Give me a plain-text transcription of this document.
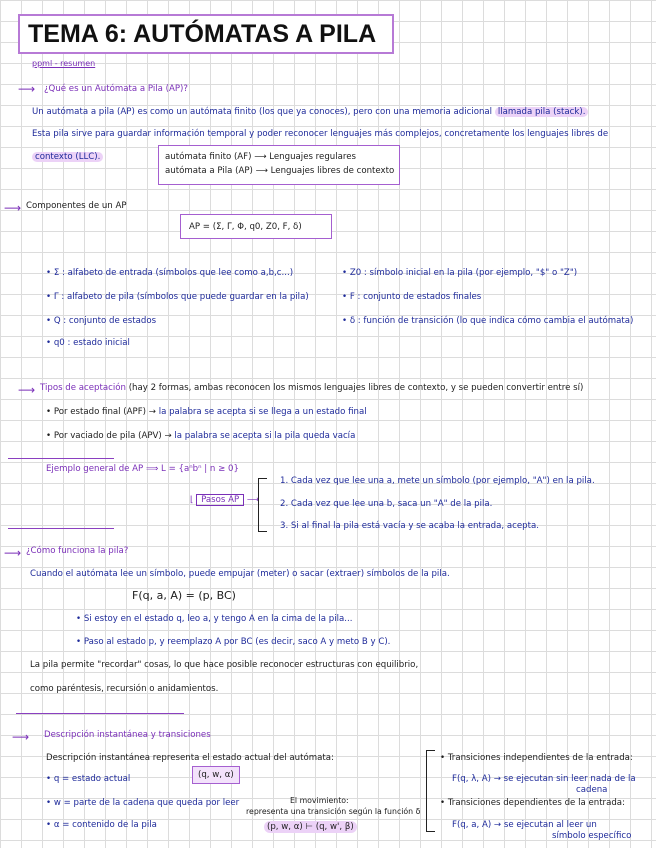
TEMA 6: AUTÓMATAS A PILA
ppml - resumen
⟶ ¿Qué es un Autómata a Pila (AP)?
Un autómata a pila (AP) es como un autómata finito (los que ya conoces), pero con una memoria adicional llamada pila (stack).
Esta pila sirve para guardar información temporal y poder reconocer lenguajes más complejos, concretamente los lenguajes libres de
contexto (LLC).	autómata finito (AF) ⟶ Lenguajes regulares
autómata a Pila (AP) ⟶ Lenguajes libres de contexto
⟶ Componentes de un AP
AP = (Σ, Γ, Φ, q0, Z0, F, δ)
• Σ : alfabeto de entrada (símbolos que lee como a,b,c...)
• Γ : alfabeto de pila (símbolos que puede guardar en la pila)
• Q : conjunto de estados
• q0 : estado inicial
• Z0 : símbolo inicial en la pila (por ejemplo, "$" o "Z")
• F : conjunto de estados finales
• δ : función de transición (lo que indica cómo cambia el autómata)
⟶ Tipos de aceptación (hay 2 formas, ambas reconocen los mismos lenguajes libres de contexto, y se pueden convertir entre sí)
• Por estado final (APF) → la palabra se acepta si se llega a un estado final
• Por vaciado de pila (APV) → la palabra se acepta si la pila queda vacía
Ejemplo general de AP ⟹ L = {aⁿbⁿ | n ≥ 0}
⌊ Pasos AP ⟶
1. Cada vez que lee una a, mete un símbolo (por ejemplo, "A") en la pila.
2. Cada vez que lee una b, saca un "A" de la pila.
3. Si al final la pila está vacía y se acaba la entrada, acepta.
⟶ ¿Cómo funciona la pila?
Cuando el autómata lee un símbolo, puede empujar (meter) o sacar (extraer) símbolos de la pila.
F(q, a, A) = (p, BC)
• Si estoy en el estado q, leo a, y tengo A en la cima de la pila...
• Paso al estado p, y reemplazo A por BC (es decir, saco A y meto B y C).
La pila permite "recordar" cosas, lo que hace posible reconocer estructuras con equilibrio,
como paréntesis, recursión o anidamientos.
⟶ Descripción instantánea y transiciones
Descripción instantánea representa el estado actual del autómata:
• q = estado actual
• w = parte de la cadena que queda por leer
• α = contenido de la pila
(q, w, α)
El movimiento:
representa una transición según la función δ
(p, w, α) ⊢ (q, w', β)
• Transiciones independientes de la entrada:
F(q, λ, A) → se ejecutan sin leer nada de la
cadena
• Transiciones dependientes de la entrada:
F(q, a, A) → se ejecutan al leer un
símbolo específico
